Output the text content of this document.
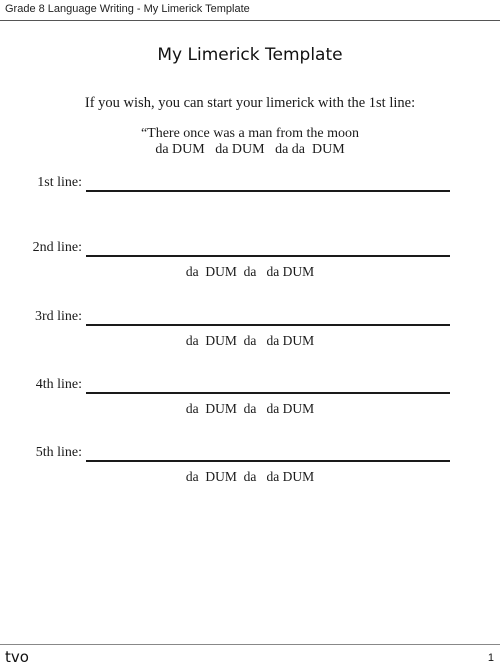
Grade 8 Language Writing - My Limerick Template
My Limerick Template
If you wish, you can start your limerick with the 1st line:
“There once was a man from the moon
da DUM   da DUM   da da  DUM
1st line:
2nd line:
da  DUM  da   da DUM
3rd line:
da  DUM  da   da DUM
4th line:
da  DUM  da   da DUM
5th line:
da  DUM  da   da DUM
tvo	1
